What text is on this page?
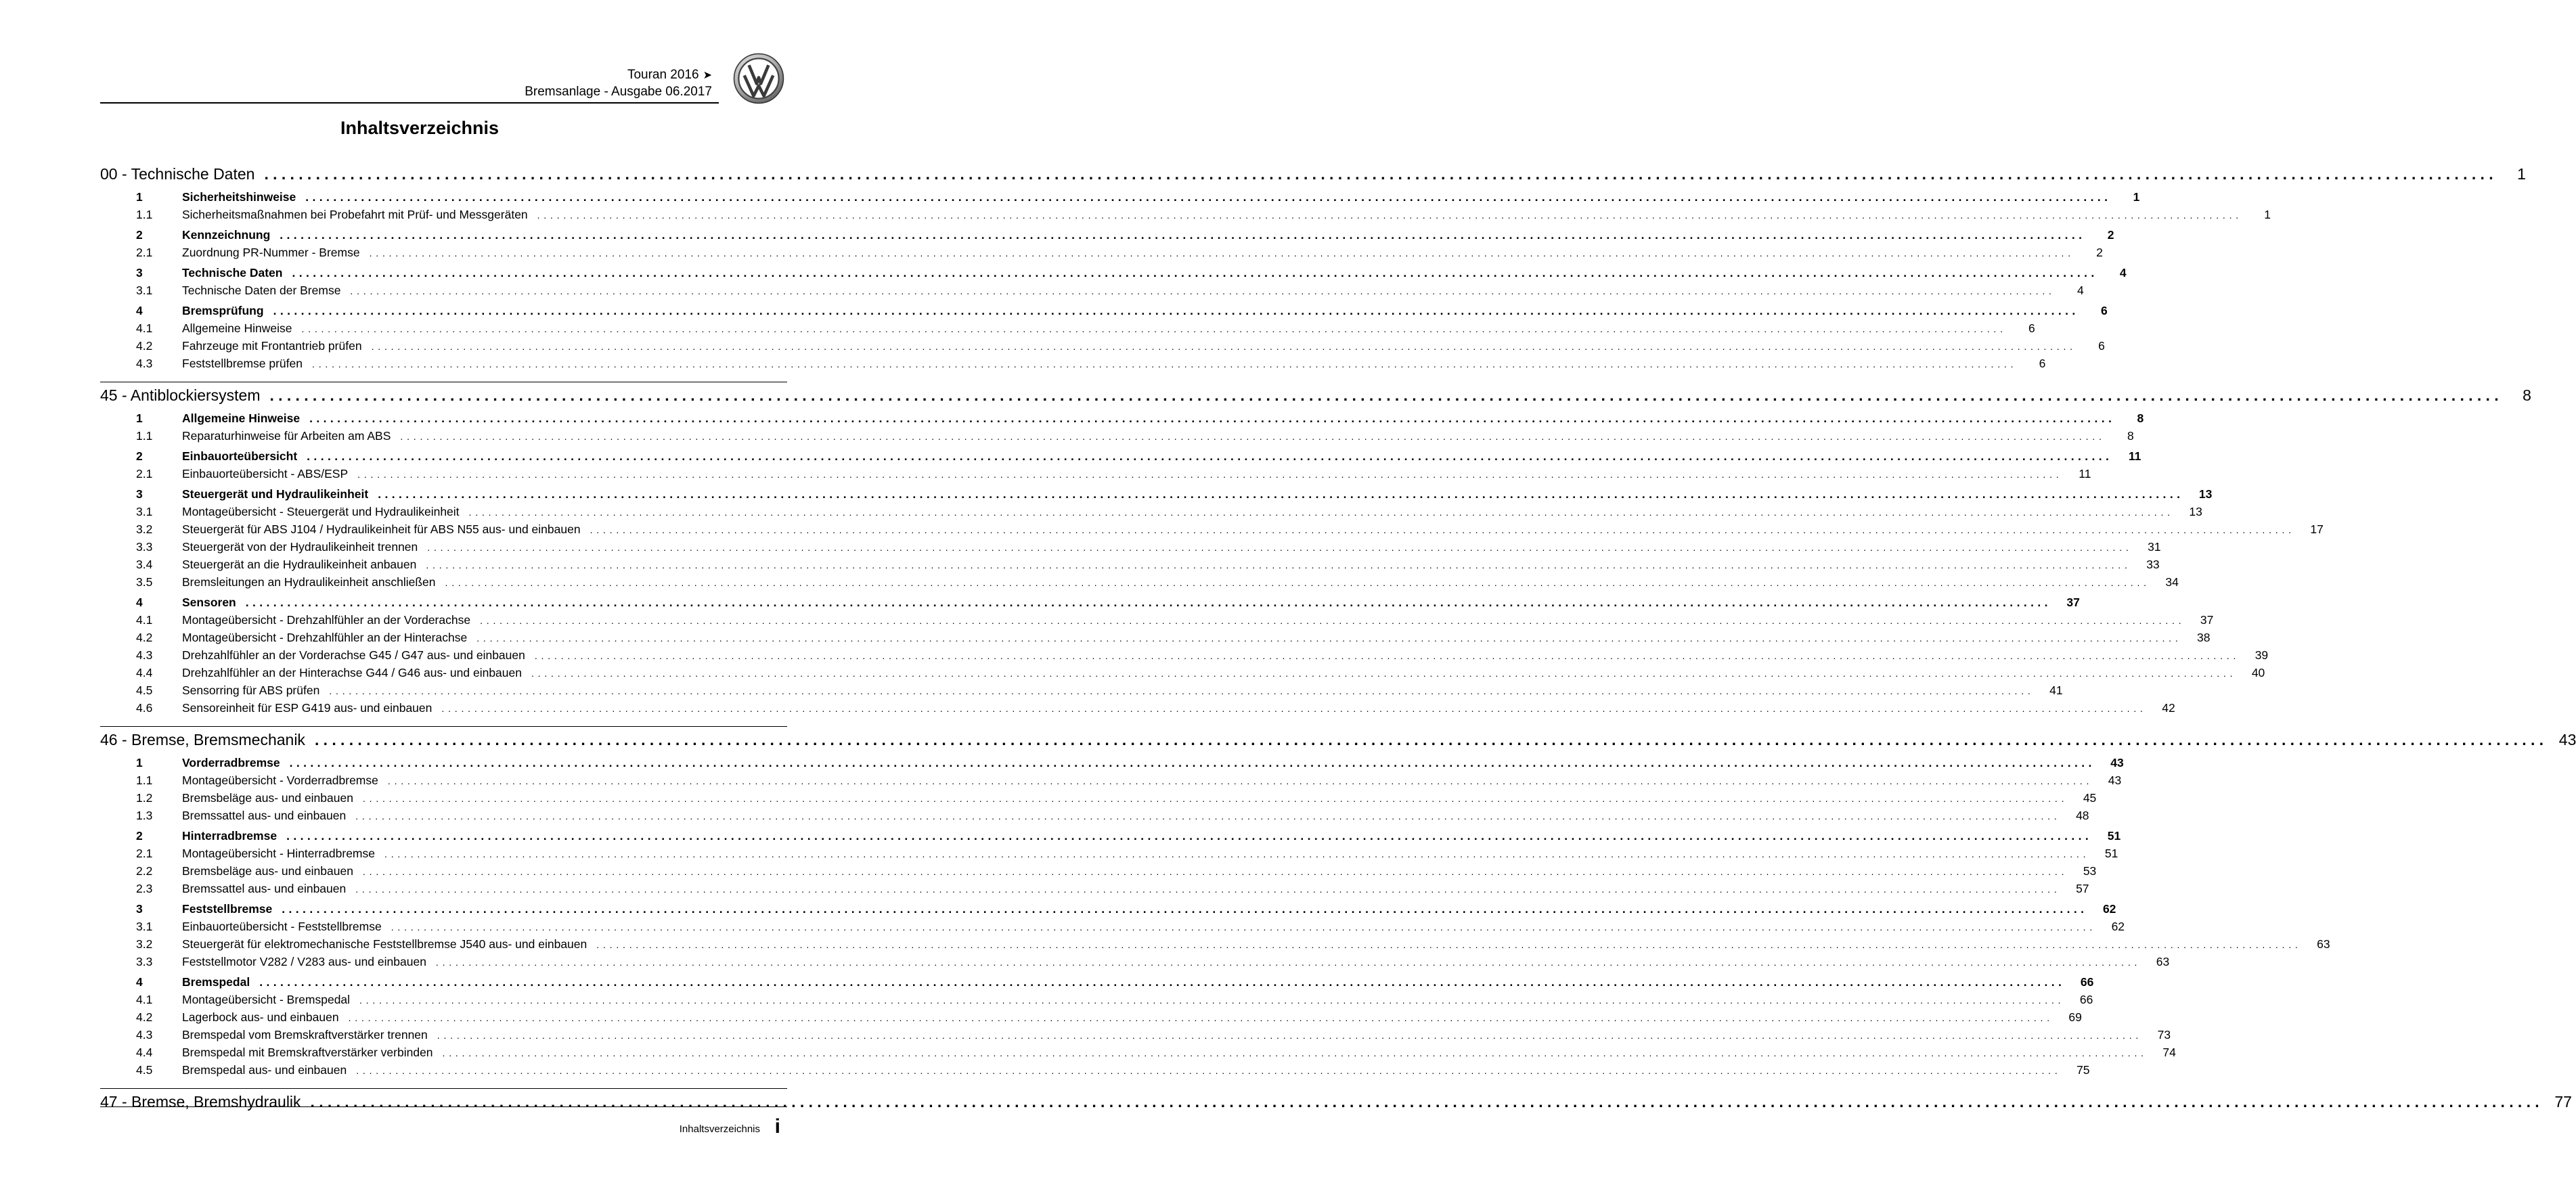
Touran 2016 ➤
Bremsanlage - Ausgabe 06.2017
Inhaltsverzeichnis
00 - Technische Daten ....................................................................................................................................................................................................................................................................	1
1	Sicherheitshinweise ....................................................................................................................................................................................................................................................................	1
1.1	Sicherheitsmaßnahmen bei Probefahrt mit Prüf- und Messgeräten ....................................................................................................................................................................................................................................................................	1
2	Kennzeichnung ....................................................................................................................................................................................................................................................................	2
2.1	Zuordnung PR-Nummer - Bremse ....................................................................................................................................................................................................................................................................	2
3	Technische Daten ....................................................................................................................................................................................................................................................................	4
3.1	Technische Daten der Bremse ....................................................................................................................................................................................................................................................................	4
4	Bremsprüfung ....................................................................................................................................................................................................................................................................	6
4.1	Allgemeine Hinweise ....................................................................................................................................................................................................................................................................	6
4.2	Fahrzeuge mit Frontantrieb prüfen ....................................................................................................................................................................................................................................................................	6
4.3	Feststellbremse prüfen ....................................................................................................................................................................................................................................................................	6
45 - Antiblockiersystem ....................................................................................................................................................................................................................................................................	8
1	Allgemeine Hinweise ....................................................................................................................................................................................................................................................................	8
1.1	Reparaturhinweise für Arbeiten am ABS ....................................................................................................................................................................................................................................................................	8
2	Einbauorteübersicht ....................................................................................................................................................................................................................................................................	11
2.1	Einbauorteübersicht - ABS/ESP ....................................................................................................................................................................................................................................................................	11
3	Steuergerät und Hydraulikeinheit ....................................................................................................................................................................................................................................................................	13
3.1	Montageübersicht - Steuergerät und Hydraulikeinheit ....................................................................................................................................................................................................................................................................	13
3.2	Steuergerät für ABS J104 / Hydraulikeinheit für ABS N55 aus- und einbauen ....................................................................................................................................................................................................................................................................	17
3.3	Steuergerät von der Hydraulikeinheit trennen ....................................................................................................................................................................................................................................................................	31
3.4	Steuergerät an die Hydraulikeinheit anbauen ....................................................................................................................................................................................................................................................................	33
3.5	Bremsleitungen an Hydraulikeinheit anschließen ....................................................................................................................................................................................................................................................................	34
4	Sensoren ....................................................................................................................................................................................................................................................................	37
4.1	Montageübersicht - Drehzahlfühler an der Vorderachse ....................................................................................................................................................................................................................................................................	37
4.2	Montageübersicht - Drehzahlfühler an der Hinterachse ....................................................................................................................................................................................................................................................................	38
4.3	Drehzahlfühler an der Vorderachse G45 / G47 aus- und einbauen ....................................................................................................................................................................................................................................................................	39
4.4	Drehzahlfühler an der Hinterachse G44 / G46 aus- und einbauen ....................................................................................................................................................................................................................................................................	40
4.5	Sensorring für ABS prüfen ....................................................................................................................................................................................................................................................................	41
4.6	Sensoreinheit für ESP G419 aus- und einbauen ....................................................................................................................................................................................................................................................................	42
46 - Bremse, Bremsmechanik .................................................................................................................................................................................................................................................................... 43
1	Vorderradbremse ....................................................................................................................................................................................................................................................................	43
1.1	Montageübersicht - Vorderradbremse ....................................................................................................................................................................................................................................................................	43
1.2	Bremsbeläge aus- und einbauen ....................................................................................................................................................................................................................................................................	45
1.3	Bremssattel aus- und einbauen ....................................................................................................................................................................................................................................................................	48
2	Hinterradbremse ....................................................................................................................................................................................................................................................................	51
2.1	Montageübersicht - Hinterradbremse ....................................................................................................................................................................................................................................................................	51
2.2	Bremsbeläge aus- und einbauen ....................................................................................................................................................................................................................................................................	53
2.3	Bremssattel aus- und einbauen ....................................................................................................................................................................................................................................................................	57
3	Feststellbremse ....................................................................................................................................................................................................................................................................	62
3.1	Einbauorteübersicht - Feststellbremse ....................................................................................................................................................................................................................................................................	62
3.2	Steuergerät für elektromechanische Feststellbremse J540 aus- und einbauen ....................................................................................................................................................................................................................................................................	63
3.3	Feststellmotor V282 / V283 aus- und einbauen ....................................................................................................................................................................................................................................................................	63
4	Bremspedal ....................................................................................................................................................................................................................................................................	66
4.1	Montageübersicht - Bremspedal ....................................................................................................................................................................................................................................................................	66
4.2	Lagerbock aus- und einbauen ....................................................................................................................................................................................................................................................................	69
4.3	Bremspedal vom Bremskraftverstärker trennen ....................................................................................................................................................................................................................................................................	73
4.4	Bremspedal mit Bremskraftverstärker verbinden ....................................................................................................................................................................................................................................................................	74
4.5	Bremspedal aus- und einbauen ....................................................................................................................................................................................................................................................................	75
47 - Bremse, Bremshydraulik .................................................................................................................................................................................................................................................................... 77
Inhaltsverzeichnis i
